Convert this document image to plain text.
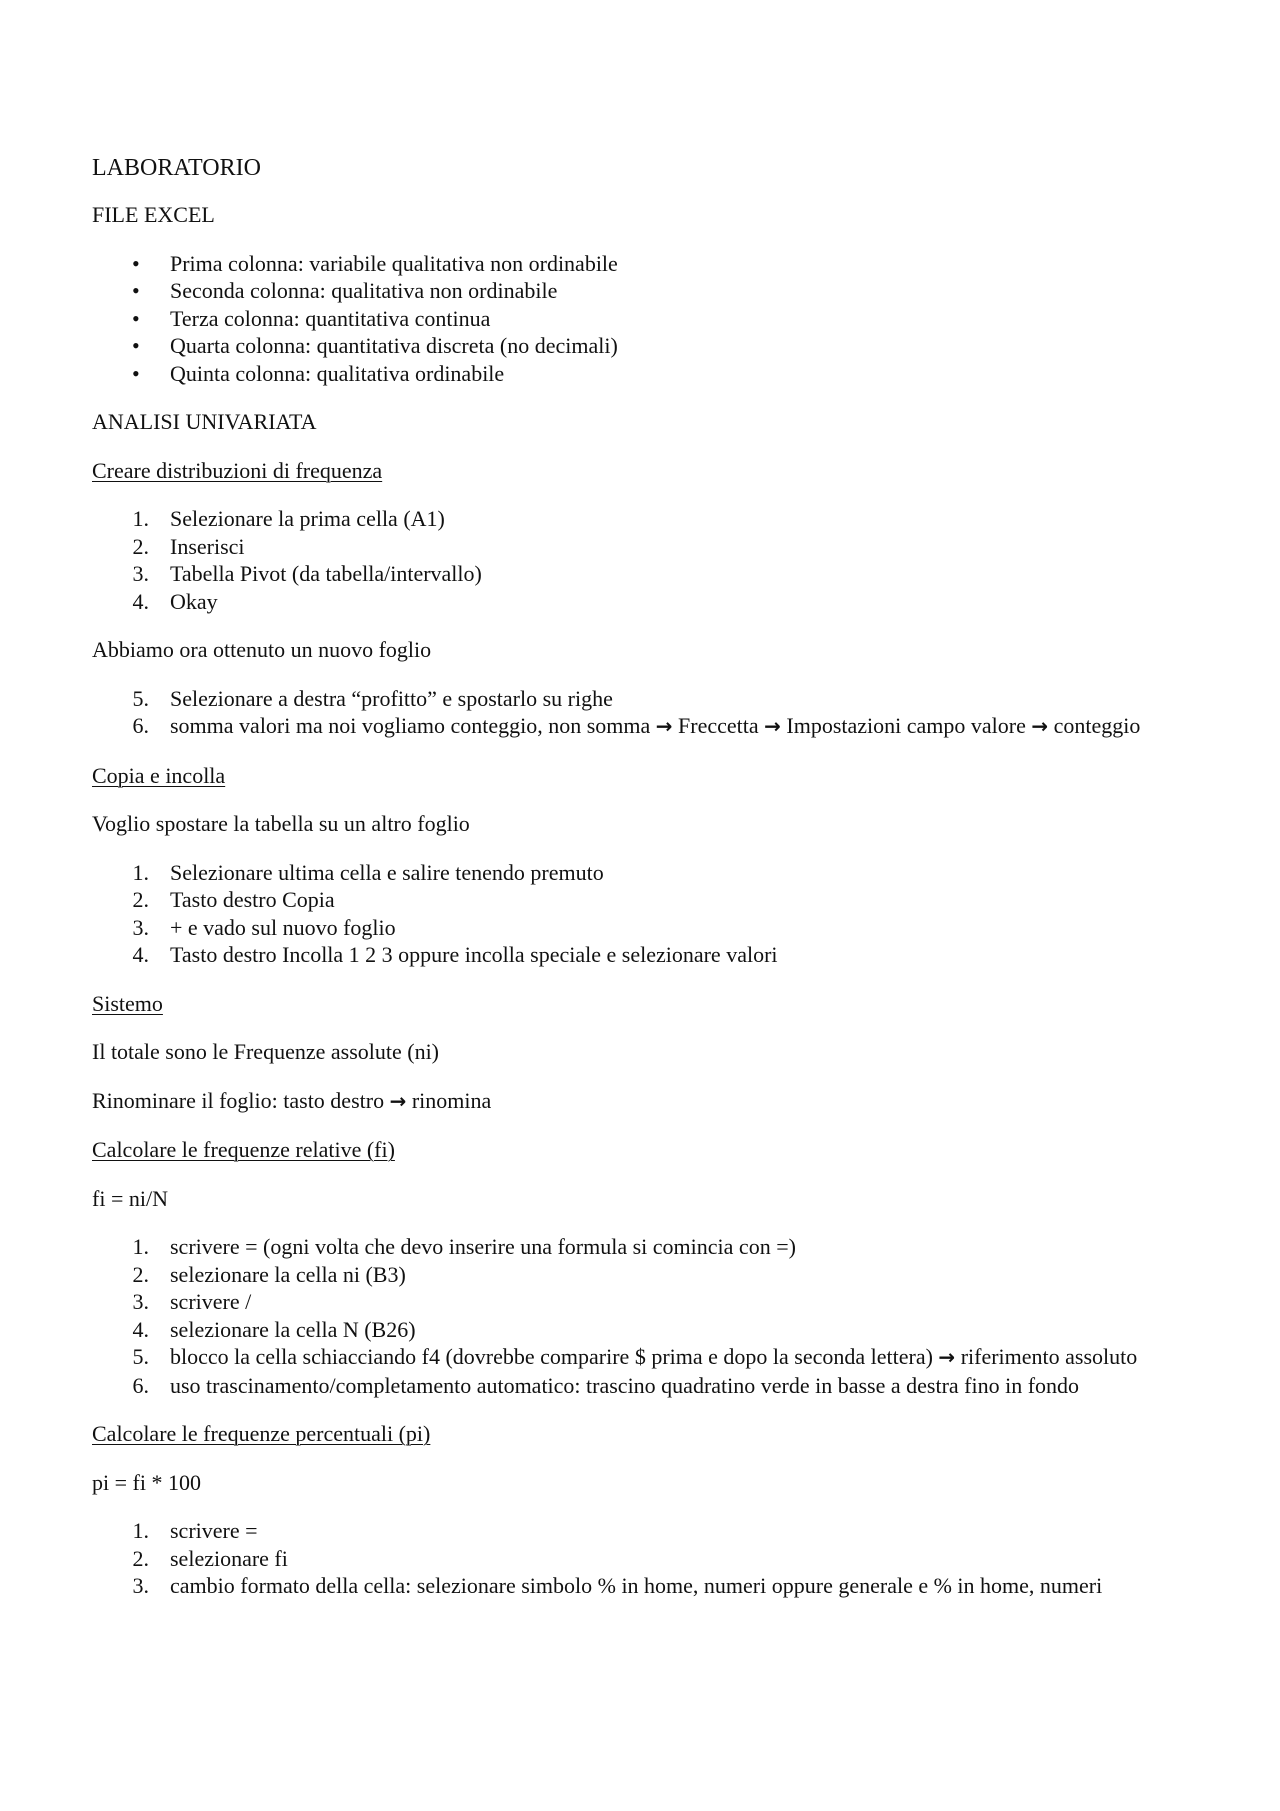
LABORATORIO

FILE EXCEL

• Prima colonna: variabile qualitativa non ordinabile
• Seconda colonna: qualitativa non ordinabile
• Terza colonna: quantitativa continua
• Quarta colonna: quantitativa discreta (no decimali)
• Quinta colonna: qualitativa ordinabile

ANALISI UNIVARIATA

Creare distribuzioni di frequenza

1. Selezionare la prima cella (A1)
2. Inserisci
3. Tabella Pivot (da tabella/intervallo)
4. Okay

Abbiamo ora ottenuto un nuovo foglio

5. Selezionare a destra “profitto” e spostarlo su righe
6. somma valori ma noi vogliamo conteggio, non somma → Freccetta → Impostazioni campo valore → conteggio

Copia e incolla

Voglio spostare la tabella su un altro foglio

1. Selezionare ultima cella e salire tenendo premuto
2. Tasto destro Copia
3. + e vado sul nuovo foglio
4. Tasto destro Incolla 1 2 3 oppure incolla speciale e selezionare valori

Sistemo

Il totale sono le Frequenze assolute (ni)

Rinominare il foglio: tasto destro → rinomina

Calcolare le frequenze relative (fi)

fi = ni/N

1. scrivere = (ogni volta che devo inserire una formula si comincia con =)
2. selezionare la cella ni (B3)
3. scrivere /
4. selezionare la cella N (B26)
5. blocco la cella schiacciando f4 (dovrebbe comparire $ prima e dopo la seconda lettera) → riferimento assoluto
6. uso trascinamento/completamento automatico: trascino quadratino verde in basse a destra fino in fondo

Calcolare le frequenze percentuali (pi)

pi = fi * 100

1. scrivere =
2. selezionare fi
3. cambio formato della cella: selezionare simbolo % in home, numeri oppure generale e % in home, numeri
